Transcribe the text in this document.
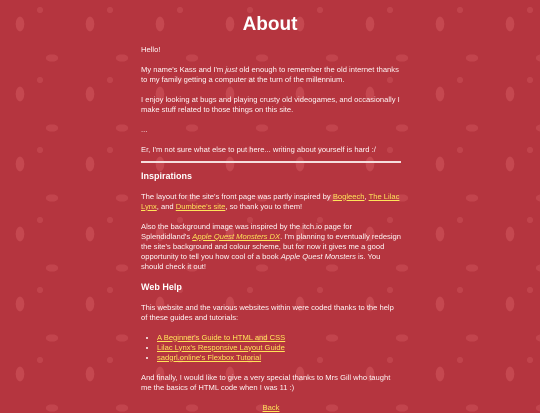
About

Hello!

My name's Kass and I'm just old enough to remember the old internet thanks to my family getting a computer at the turn of the millennium.

I enjoy looking at bugs and playing crusty old videogames, and occasionally I make stuff related to those things on this site.

...

Er, I'm not sure what else to put here... writing about yourself is hard :/

Inspirations

The layout for the site's front page was partly inspired by Bogleech, The Lilac Lynx, and Dumbiee's site, so thank you to them!

Also the background image was inspired by the itch.io page for Splendidland's Apple Quest Monsters DX. I'm planning to eventually redesign the site's background and colour scheme, but for now it gives me a good opportunity to tell you how cool of a book Apple Quest Monsters is. You should check it out!

Web Help

This website and the various websites within were coded thanks to the help of these guides and tutorials:

• A Beginner's Guide to HTML and CSS
• Lilac Lynx's Responsive Layout Guide
• sadgrl.online's Flexbox Tutorial

And finally, I would like to give a very special thanks to Mrs Gill who taught me the basics of HTML code when I was 11 :)

Back
